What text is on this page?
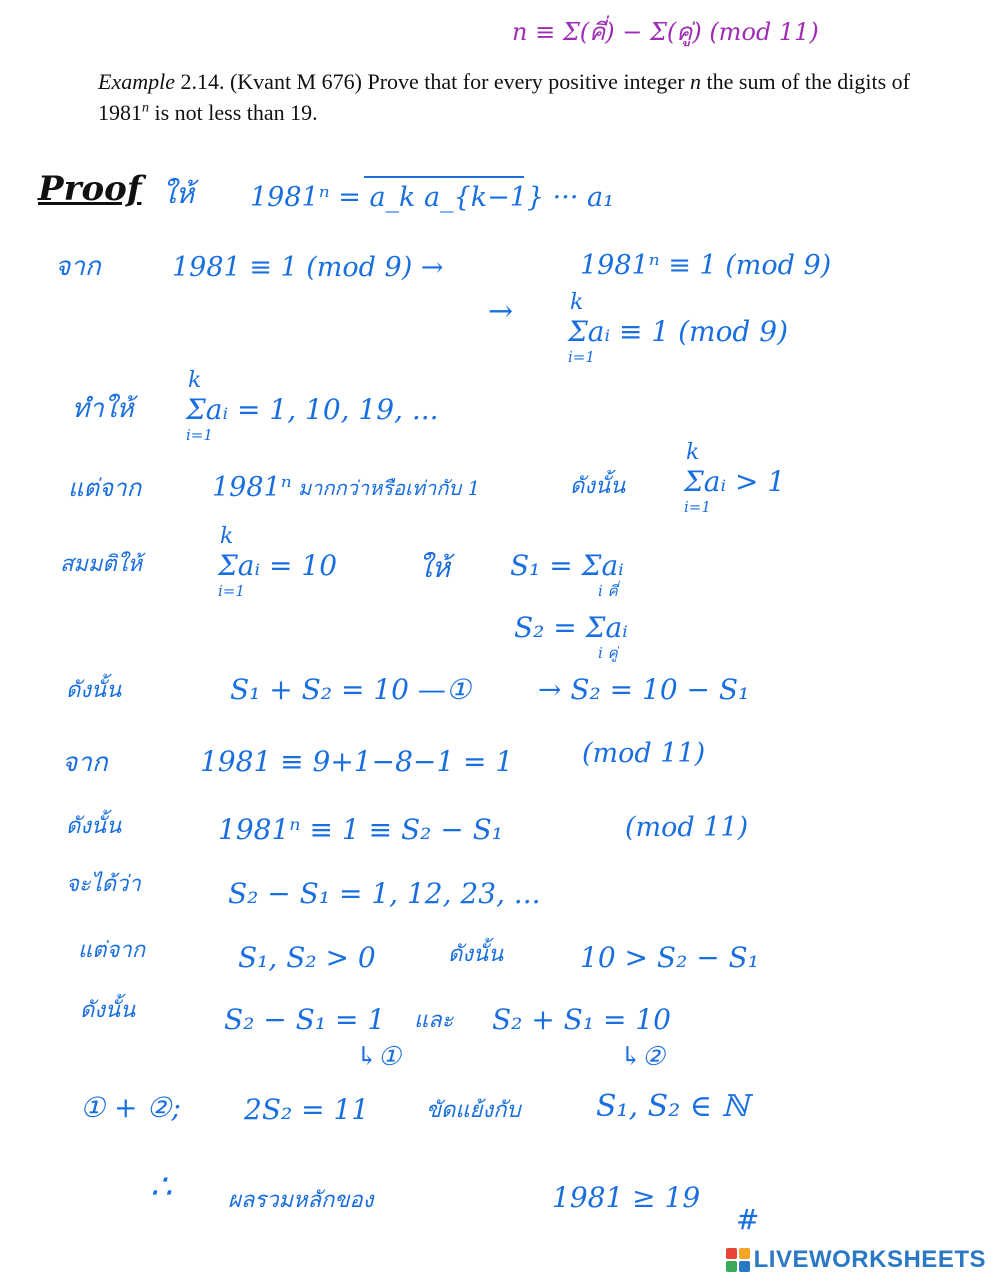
n ≡ Σ(คี่) − Σ(คู่) (mod 11)
Example 2.14. (Kvant M 676) Prove that for every positive integer n the sum of the digits of 1981$^n$ is not less than 19.
Proof ให้ 1981ⁿ = a_k a_{k−1} ··· a₁
จาก	1981 ≡ 1 (mod 9) →	1981ⁿ ≡ 1 (mod 9)
→	k
Σaᵢ ≡ 1 (mod 9)
i=1
ทำให้
k
Σaᵢ = 1, 10, 19, ...
i=1
แต่จาก	1981ⁿ มากกว่าหรือเท่ากับ 1	ดังนั้น
k
Σaᵢ > 1
i=1
สมมติให้
k
Σaᵢ = 10
i=1
ให้ S₁ = Σaᵢ
i คี่
S₂ = Σaᵢ
i คู่
ดังนั้น	S₁ + S₂ = 10 —① → S₂ = 10 − S₁
จาก	1981 ≡ 9+1−8−1 = 1	(mod 11)
ดังนั้น	1981ⁿ ≡ 1 ≡ S₂ − S₁	(mod 11)
จะได้ว่า	S₂ − S₁ = 1, 12, 23, ...
แต่จาก	S₁, S₂ > 0	ดังนั้น	10 > S₂ − S₁
ดังนั้น	S₂ − S₁ = 1 และ S₂ + S₁ = 10
↳①	↳②
① + ②; 2S₂ = 11	ขัดแย้งกับ	S₁, S₂ ∈ ℕ
∴	ผลรวมหลักของ	1981 ≥ 19
#
LIVEWORKSHEETS
